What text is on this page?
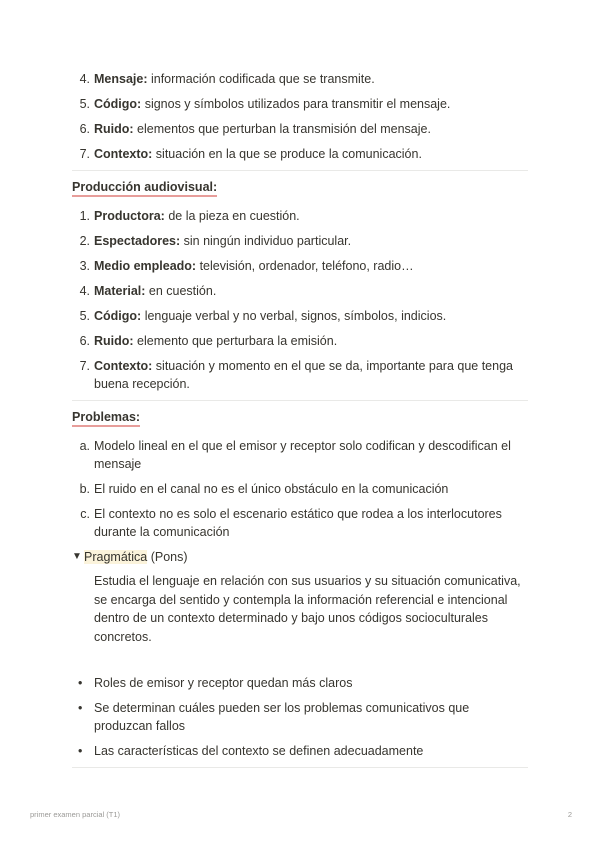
4. Mensaje: información codificada que se transmite.
5. Código: signos y símbolos utilizados para transmitir el mensaje.
6. Ruido: elementos que perturban la transmisión del mensaje.
7. Contexto: situación en la que se produce la comunicación.
Producción audiovisual:
1. Productora: de la pieza en cuestión.
2. Espectadores: sin ningún individuo particular.
3. Medio empleado: televisión, ordenador, teléfono, radio…
4. Material: en cuestión.
5. Código: lenguaje verbal y no verbal, signos, símbolos, indicios.
6. Ruido: elemento que perturbara la emisión.
7. Contexto: situación y momento en el que se da, importante para que tenga buena recepción.
Problemas:
a. Modelo lineal en el que el emisor y receptor solo codifican y descodifican el mensaje
b. El ruido en el canal no es el único obstáculo en la comunicación
c. El contexto no es solo el escenario estático que rodea a los interlocutores durante la comunicación
▼ Pragmática (Pons)
Estudia el lenguaje en relación con sus usuarios y su situación comunicativa, se encarga del sentido y contempla la información referencial e intencional dentro de un contexto determinado y bajo unos códigos socioculturales concretos.
• Roles de emisor y receptor quedan más claros
• Se determinan cuáles pueden ser los problemas comunicativos que produzcan fallos
• Las características del contexto se definen adecuadamente
primer examen parcial (T1)	2
